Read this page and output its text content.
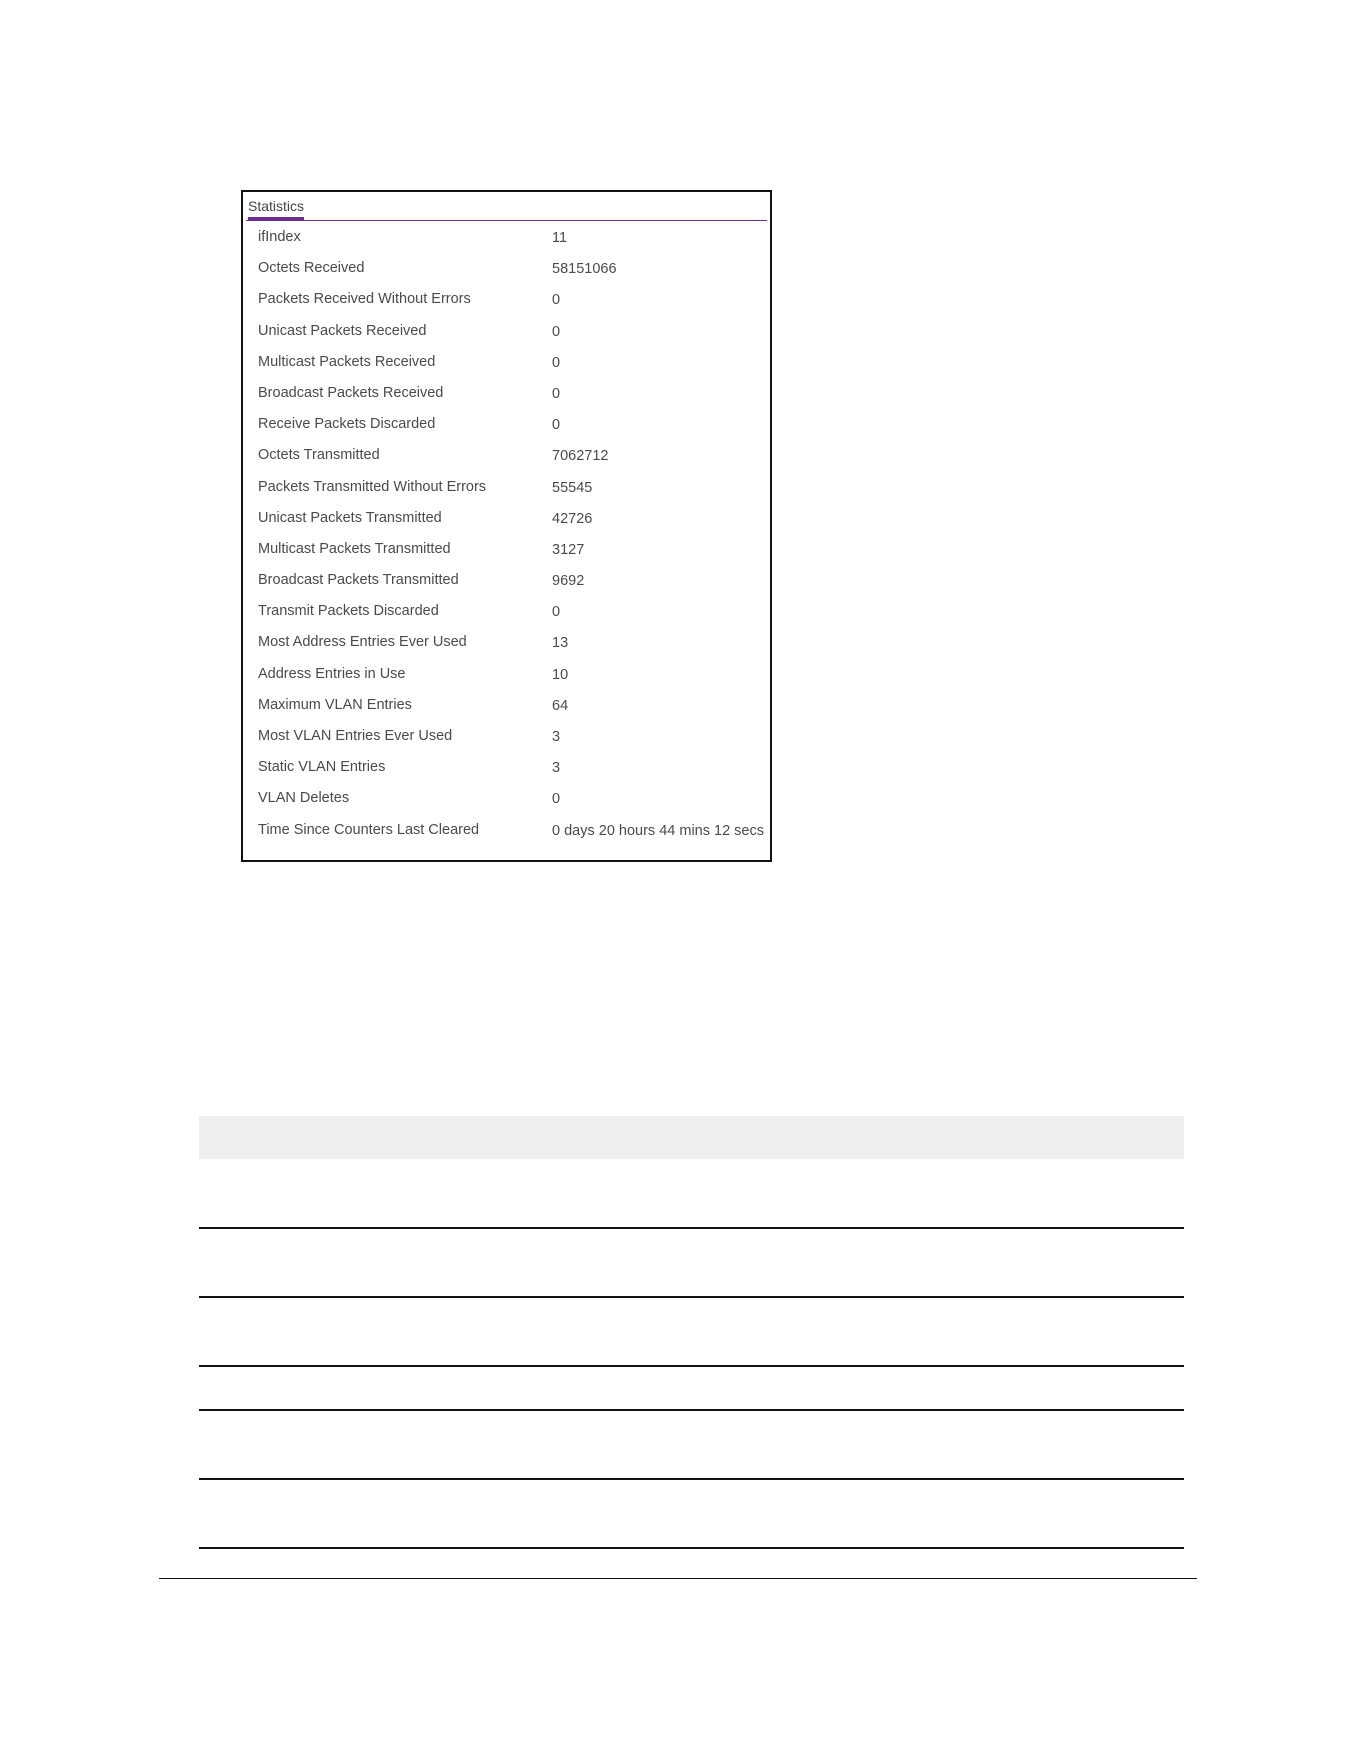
Statistics
ifIndex	11
Octets Received	58151066
Packets Received Without Errors	0
Unicast Packets Received	0
Multicast Packets Received	0
Broadcast Packets Received	0
Receive Packets Discarded	0
Octets Transmitted	7062712
Packets Transmitted Without Errors	55545
Unicast Packets Transmitted	42726
Multicast Packets Transmitted	3127
Broadcast Packets Transmitted	9692
Transmit Packets Discarded	0
Most Address Entries Ever Used	13
Address Entries in Use	10
Maximum VLAN Entries	64
Most VLAN Entries Ever Used	3
Static VLAN Entries	3
VLAN Deletes	0
Time Since Counters Last Cleared	0 days 20 hours 44 mins 12 secs
